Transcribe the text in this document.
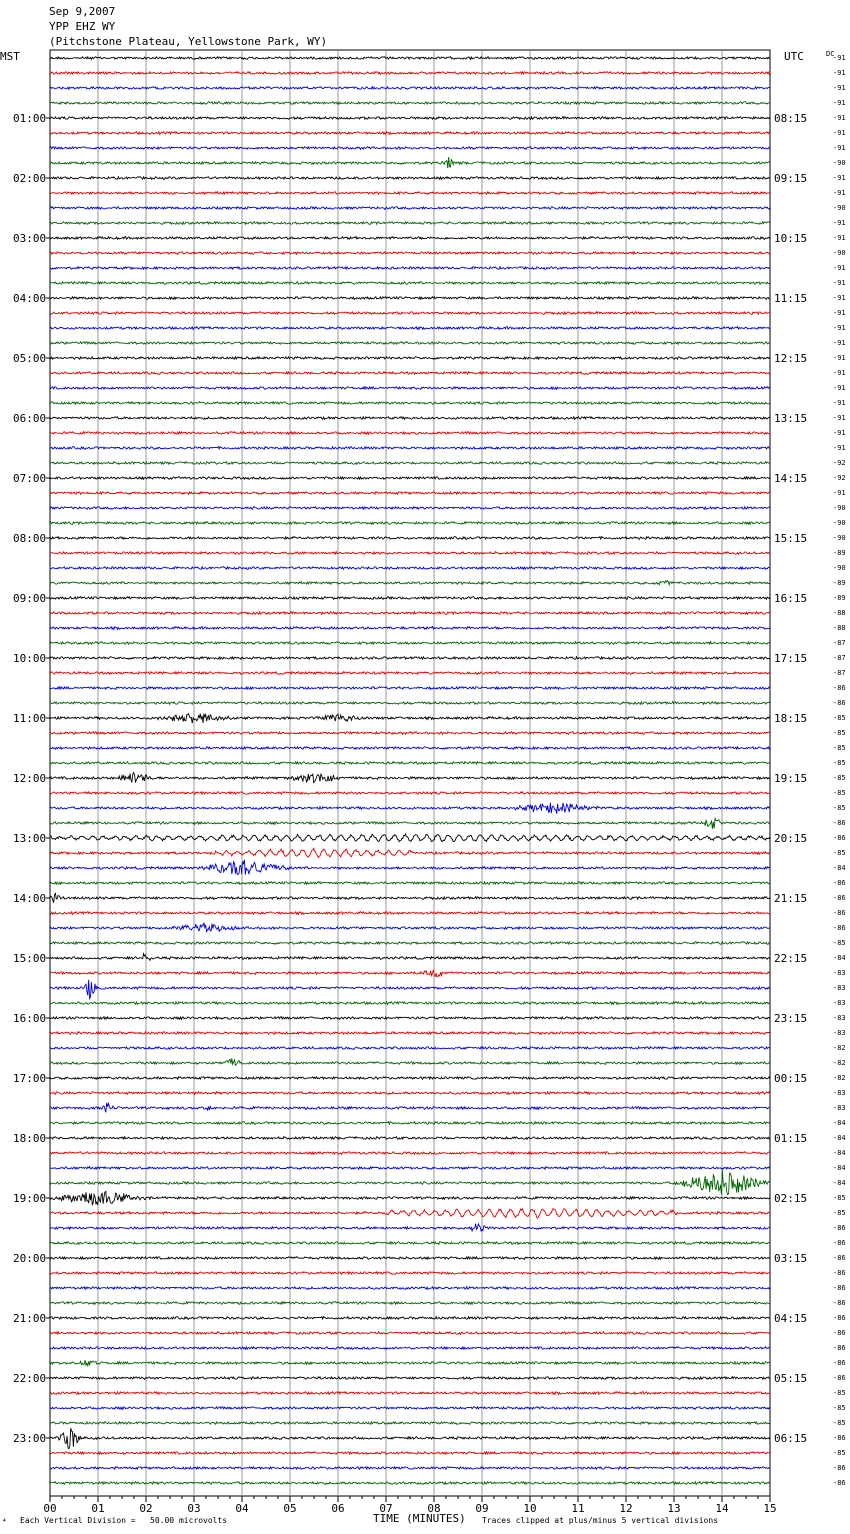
Sep 9,2007
YPP EHZ WY
(Pitchstone Plateau, Yellowstone Park, WY)
MST	UTC	DC
00	01	02	03	04	05	06	07	08	09	10	11	12	13	14	15
-91
-91
-91
-91
-91
-91
-91
-90
-91
-91
-90
-91
-91
-90
-91
-91
-91
-91
-91
-91
-91
-91
-91
-91
-91
-91
-91
-92
-92
-91
-90
-90
-90
-89
-90
-89
-89
-88
-88
-87
-87
-87
-86
-86
-85
-85
-85
-85
-85
-85
-85
-86
-86
-85
-84
-86
-86
-86
-86
-85
-84
-83
-83
-83
-83
-83
-82
-82
-82
-83
-83
-84
-84
-84
-84
-84
-85
-85
-86
-86
-86
-86
-86
-86
-86
-86
-86
-86
-86
-85
-85
-85
-86
-85
-86
-86
01:00
02:00
03:00
04:00
05:00
06:00
07:00
08:00
09:00
10:00
11:00
12:00
13:00
14:00
15:00
16:00
17:00
18:00
19:00
20:00
21:00
22:00
23:00
08:15
09:15
10:15
11:15
12:15
13:15
14:15
15:15
16:15
17:15
18:15
19:15
20:15
21:15
22:15
23:15
00:15
01:15
02:15
03:15
04:15
05:15
06:15
⁴ Each Vertical Division =   50.00 microvolts	TIME (MINUTES) Traces clipped at plus/minus 5 vertical divisions
